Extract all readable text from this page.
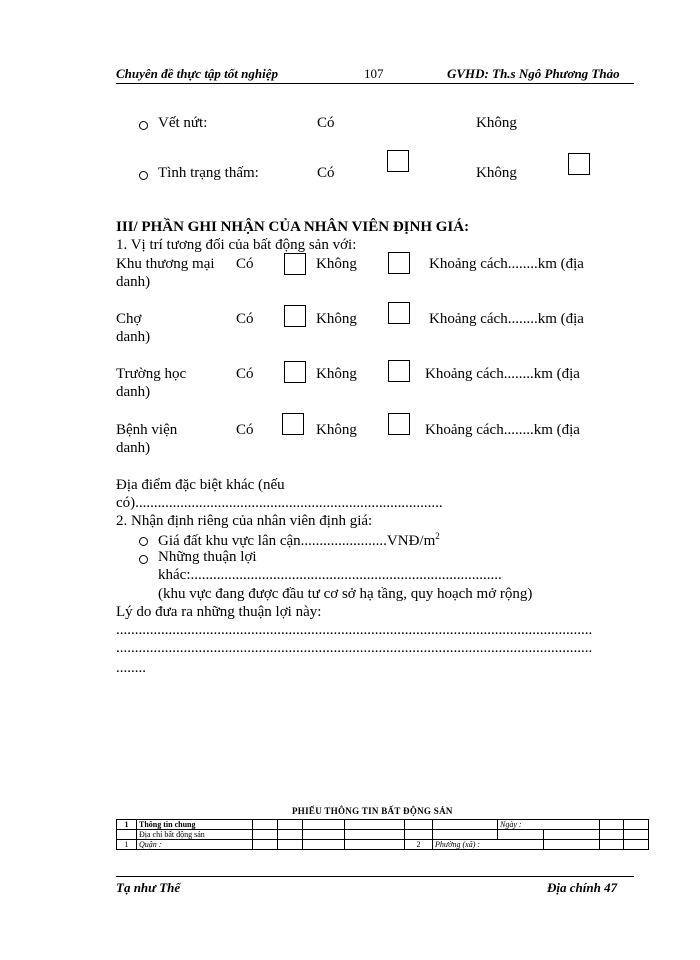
Chuyên đề thực tập tốt nghiệp	107	GVHD: Th.s Ngô Phương Thảo
Vết nứt:	Có	Không
Tình trạng thấm:	Có	Không
III/ PHẦN GHI NHẬN CỦA NHÂN VIÊN ĐỊNH GIÁ:
1. Vị trí tương đối của bất động sản với:
Khu thương mại Có	Không	Khoảng cách........km (địa
danh)
Chợ	Có	Không	Khoảng cách........km (địa
danh)
Trường học	Có	Không	Khoảng cách........km (địa
danh)
Bệnh viện	Có	Không	Khoảng cách........km (địa
danh)
Địa điểm đặc biệt khác (nếu
có)..................................................................................
2. Nhận định riêng của nhân viên định giá:
Giá đất khu vực lân $cận.......................VNĐ/m^2$
Những thuận lợi
khác:...................................................................................
(khu vực đang được đầu tư cơ sở hạ tầng, quy hoạch mở rộng)
Lý do đưa ra những thuận lợi này:
...............................................................................................................................
...............................................................................................................................
........
PHIẾU THÔNG TIN BẤT ĐỘNG SẢN
1	Thông tin chung							Ngày :			
	Địa chỉ bất động sản										
1	Quận :					2	Phường (xã) :				
Tạ như Thế	Địa chính 47
